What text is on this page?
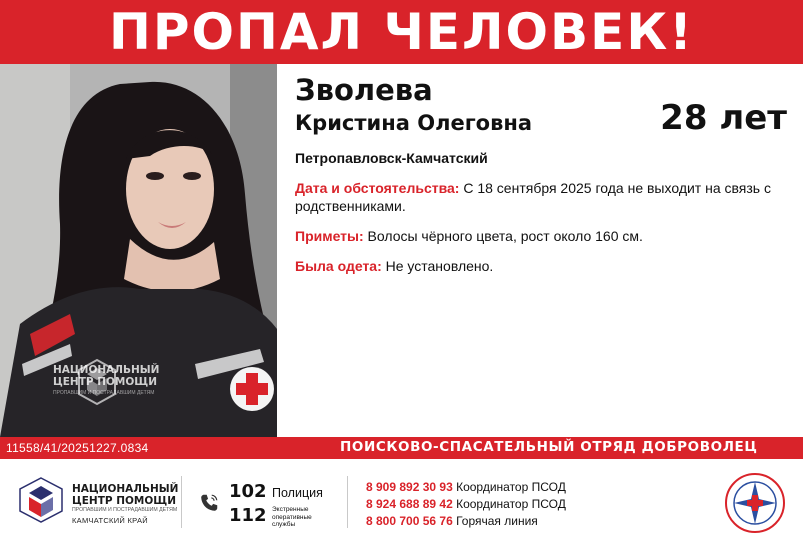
ПРОПАЛ ЧЕЛОВЕК!
НАЦИОНАЛЬНЫЙ
ЦЕНТР ПОМОЩИ
ПРОПАВШИМ И ПОСТРАДАВШИМ ДЕТЯМ
Зволева
Кристина Олеговна	28 лет
Петропавловск-Камчатский
Дата и обстоятельства: С 18 сентября 2025 года не выходит на связь с родственниками.
Приметы: Волосы чёрного цвета, рост около 160 см.
Была одета: Не установлено.
11558/41/20251227.0834	ПОИСКОВО-СПАСАТЕЛЬНЫЙ ОТРЯД ДОБРОВОЛЕЦ
НАЦИОНАЛЬНЫЙ
ЦЕНТР ПОМОЩИ
ПРОПАВШИМ И ПОСТРАДАВШИМ ДЕТЯМ
КАМЧАТСКИЙ КРАЙ
102 Полиция
112 Экстренные оперативные службы
8 909 892 30 93 Координатор ПСОД
8 924 688 89 42 Координатор ПСОД
8 800 700 56 76 Горячая линия
